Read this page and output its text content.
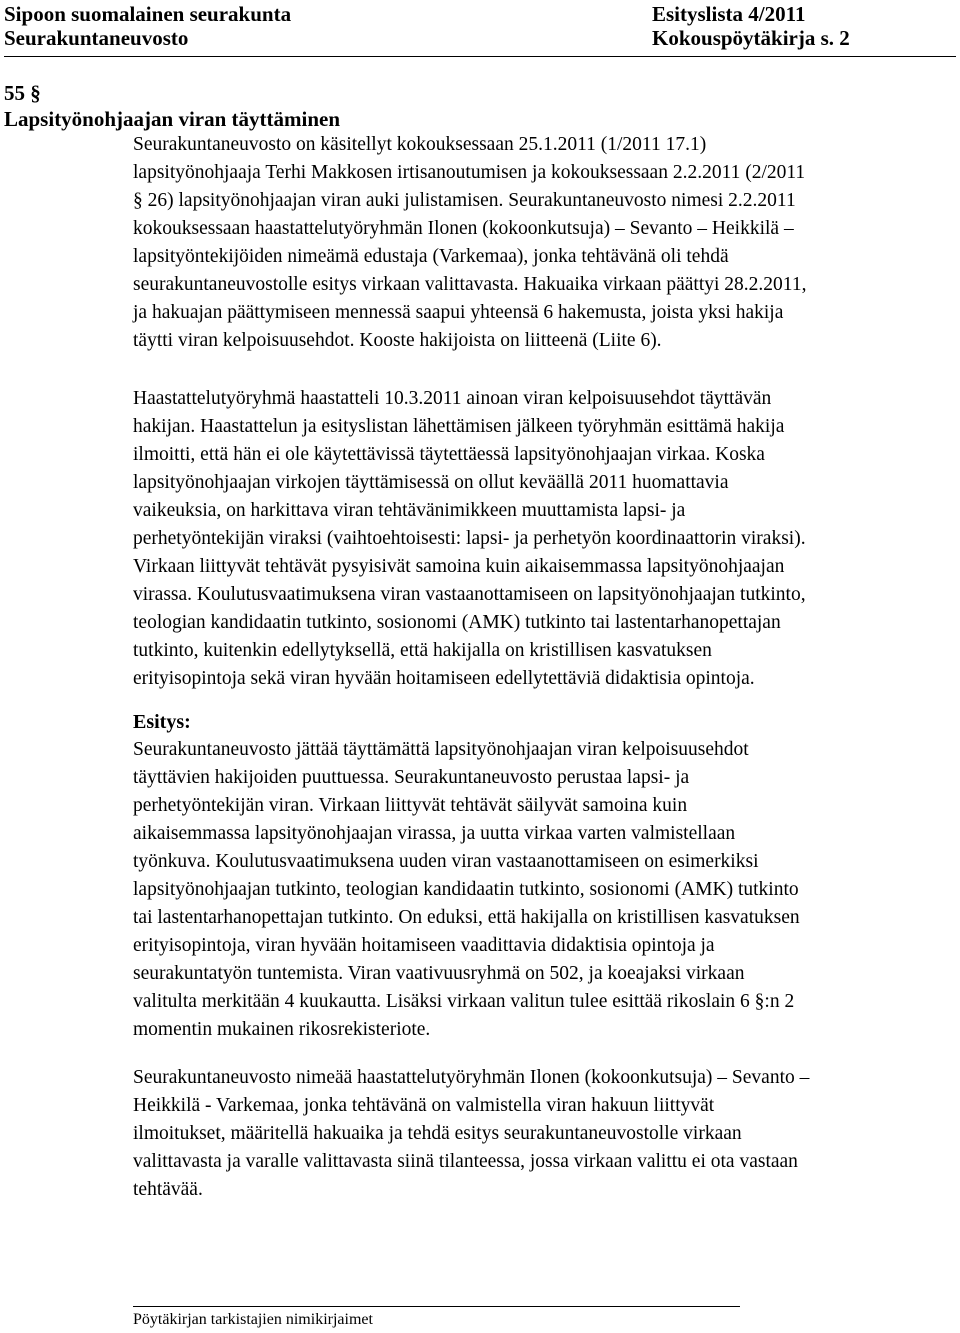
Sipoon suomalainen seurakunta
Seurakuntaneuvosto
Esityslista 4/2011
Kokouspöytäkirja s. 2
55 §
Lapsityönohjaajan viran täyttäminen
Seurakuntaneuvosto on käsitellyt kokouksessaan 25.1.2011 (1/2011 17.1)
lapsityönohjaaja Terhi Makkosen irtisanoutumisen ja kokouksessaan 2.2.2011 (2/2011
§ 26) lapsityönohjaajan viran auki julistamisen. Seurakuntaneuvosto nimesi 2.2.2011
kokouksessaan haastattelutyöryhmän Ilonen (kokoonkutsuja) – Sevanto – Heikkilä –
lapsityöntekijöiden nimeämä edustaja (Varkemaa), jonka tehtävänä oli tehdä
seurakuntaneuvostolle esitys virkaan valittavasta. Hakuaika virkaan päättyi 28.2.2011,
ja hakuajan päättymiseen mennessä saapui yhteensä 6 hakemusta, joista yksi hakija
täytti viran kelpoisuusehdot. Kooste hakijoista on liitteenä (Liite 6).
Haastattelutyöryhmä haastatteli 10.3.2011 ainoan viran kelpoisuusehdot täyttävän
hakijan. Haastattelun ja esityslistan lähettämisen jälkeen työryhmän esittämä hakija
ilmoitti, että hän ei ole käytettävissä täytettäessä lapsityönohjaajan virkaa. Koska
lapsityönohjaajan virkojen täyttämisessä on ollut keväällä 2011 huomattavia
vaikeuksia, on harkittava viran tehtävänimikkeen muuttamista lapsi- ja
perhetyöntekijän viraksi (vaihtoehtoisesti: lapsi- ja perhetyön koordinaattorin viraksi).
Virkaan liittyvät tehtävät pysyisivät samoina kuin aikaisemmassa lapsityönohjaajan
virassa. Koulutusvaatimuksena viran vastaanottamiseen on lapsityönohjaajan tutkinto,
teologian kandidaatin tutkinto, sosionomi (AMK) tutkinto tai lastentarhanopettajan
tutkinto, kuitenkin edellytyksellä, että hakijalla on kristillisen kasvatuksen
erityisopintoja sekä viran hyvään hoitamiseen edellytettäviä didaktisia opintoja.
Esitys:
Seurakuntaneuvosto jättää täyttämättä lapsityönohjaajan viran kelpoisuusehdot
täyttävien hakijoiden puuttuessa. Seurakuntaneuvosto perustaa lapsi- ja
perhetyöntekijän viran. Virkaan liittyvät tehtävät säilyvät samoina kuin
aikaisemmassa lapsityönohjaajan virassa, ja uutta virkaa varten valmistellaan
työnkuva. Koulutusvaatimuksena uuden viran vastaanottamiseen on esimerkiksi
lapsityönohjaajan tutkinto, teologian kandidaatin tutkinto, sosionomi (AMK) tutkinto
tai lastentarhanopettajan tutkinto. On eduksi, että hakijalla on kristillisen kasvatuksen
erityisopintoja, viran hyvään hoitamiseen vaadittavia didaktisia opintoja ja
seurakuntatyön tuntemista. Viran vaativuusryhmä on 502, ja koeajaksi virkaan
valitulta merkitään 4 kuukautta. Lisäksi virkaan valitun tulee esittää rikoslain 6 §:n 2
momentin mukainen rikosrekisteriote.
Seurakuntaneuvosto nimeää haastattelutyöryhmän Ilonen (kokoonkutsuja) – Sevanto –
Heikkilä - Varkemaa, jonka tehtävänä on valmistella viran hakuun liittyvät
ilmoitukset, määritellä hakuaika ja tehdä esitys seurakuntaneuvostolle virkaan
valittavasta ja varalle valittavasta siinä tilanteessa, jossa virkaan valittu ei ota vastaan
tehtävää.
Pöytäkirjan tarkistajien nimikirjaimet
